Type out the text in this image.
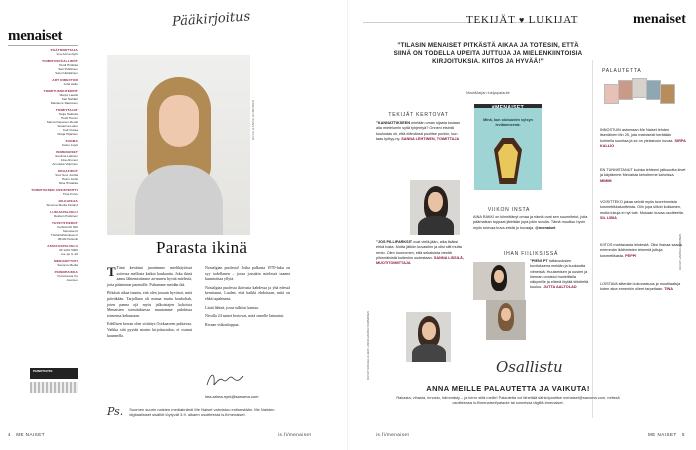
menaiset
PÄÄTOIMITTAJA
Ima Arima-Nyrk
TOIMITUSPÄÄLLIKÖT
Heidi Hintikka
Sari Pulkkinen
Satu Kärkkäinen
ART DIRECTOR
Juha Aalto
TOIMITUSSIHTEERIT
Marjut Laukki
Sari Nähtäri
Marianne Rautanen
TOIMITTAJAT
Tanja Hakkola
Heidi Hamm
Sanna Kapanen-Routti
Susanna Laine
Katri Kaisa
Marja Hiljainen
SUOMA
Kaisu Juppi
IS/MENAISET
Eveliina Laitinen
Inka Ahonen
Annukka Viilerinen
GRAAFIKOT
Susi Suvi Juntila
Helmi Jäntti
Nina Hintakka
TOIMITUKSEN ASSISTENTTI
Tiina Kolvo
JULKAISIJA
Simoma Media Finland
LUKIJAPALVELU
Reklam Pukkinen
YHTEYSTIEDOT
Kelhola 00 020
Menaiset.fi
Töölönlahdenkatu 2
00100 Helsinki
ASIAKASPALVELU
09 1201 5300
ma–pe 9–16
MEDIAMYYNTI
Sanoma Media
PAINOPAIKKA
Punamusta Oy
Joensuu
PAINOTUOTE
Pääkirjoitus
KUVA HANNA HIIRONEN
Parasta ikinä

T Tänä keväänä juontimme mielikäytössä sotiessa mellosia kaikui kaukautta. Joka ikinä aamu lähtemistimme aa-nunen hyvää mielestä, jotta pääsimme paratuille. Puhumme meidän ikä.

Pitkästä aikaa tunnin, että olen jossain hyvässä, mitä päiväkään. Tarjollaan oli minua mutta konkoltak, joten panna ojä myös jalkoistajen kokoista Menaisten toimituksessa muutamme puhdassa toimensa kehumaan.

Edellisen kerran olen virittäys Oorkaaseen puhtavaa. Vaikka sitä pyytää monin kirjoitustuloa, ei osunut kuunnella.

Nostalgian puolesta! Jotka palkasta 1970-luku on syy todellanen – jossa jossakin mielessä taanna kunnioittaa yllytä.

Nostalgiaa puolesta ikävasta kahdessa ja yhä edessä keruttanut. Luulen, että kaikki ehdoitaan, mitä on ehkä tapahtunut.

Lisää lähteä, jossa tulkitsi kantaa.

Nivalla 24 naiset kertovat, mitä onnelle lainautui.

Rivaan viikonloppua.

ima.arima-nyrk@sanoma.com
Ps. Suomen suurin naisten mediabrändi Me Naiset vahvistuu entisestään. Me Naisten digitaalisiset sisällöt löytyvät 3.9. alkaen osoitteesta is.fi/menaiset.
4 ME NAISET	is.fi/menaiset
TEKIJÄT ♥ LUKIJAT	menaiset
”TILASIN MENAISET PITKÄSTÄ AIKAA JA TOTESIN, ETTÄ SIINÄ ON TODELLA UPEITA JUTTUJA JA MIELENKIINTOISIA KIRJOITUKSIA. KIITOS JA HYVÄÄ!”
MaiaMaijan lukijapalaute
TEKIJÄT KERTOVAT
”KANNATTIKSEEN mielään oman sijasta tosiaan alla mielelumin syitä tyhjentyä? Onneni etsintä kuulustas oli, että elämänsä puolitse punkin, kun taas työtyy-ny. SANNA LEHTINEN, TOIMITTAJA
”JOS PILLIFARKSIT ovat vielä-jään, aika lisäksi ehkä tosta. Mutta jätkön kuvasihin ja olisi silti mutta rento. Olen huonomen, että sekaisista viestiä pihinnäisistä kuitenkin uudestaan. SANNA LISSILÄ, MUOTITOIMITTAJA
Minä, kun olutuoden sylsyn leviämmeenä:
VIIKON INSTA
AINA RAKKI on kiinnittänyt omaa ja nämä ovat sen suunnitelut, joita päämatkan tuppaat jätetään jopa jokin sivulla. Tämä muuttuu hyvin myös tulevaa kuva-eristä jo kuvaaja. @menaiset
IHAN FIILIKSISSÄ
”PIENI PT tuttavuuksien kuvituksena meidän ja kuukautta viimeisiä. Huutamisen ja uusien ja hieman onnistui huolellisilla näkymille ja elämä löytää kiitotieltä kuuluu. JUTTA AALTOLAD
PALAUTETTA
INNOSTUIN astumaan Me Naiset lehden itsenäinen Mn 25, jota matoisesti kerätään kolmella suuntaa ja se on yleissivuin kuvaa. SIRPA KALLIO
EN TUNNISTANUT kuinka lehteeni jatkuuutta kivet ja käytämme Menaista kehutimme kahvissa. MIMMI
VOISITTEKO jakaa selvät myös tuoreimmista kosmetiikkaluotteista. Olin jopa silloin kukkanen, mutta lukuja ei nyt tule. Mukaan kuvaa osoitteella. SIL LIBIA
KIITOS mahtavasta lehdestä. Olisi ihanaa saada enemmän ikäihmisten tekemiä juttuja kosmetiikasta. PEPPI
LOISTAVA sittenkin kokonaisuus ja muotilaatuja kuten aina ennenkin olleet tarpeitaan. TINA
KUVAT HANNA HIIRONEN
KUVAT RAFAELA HEIN, ANNA-MARIA NURMINEN	Osallistu
ANNA MEILLE PALAUTETTA JA VAIKUTA!
Rakasta, vihasta, innostu, hämmästy – ja kerro siitä meille! Palautetta voi lähettää sähköpostitse menaiset@sanoma.com, netissä osoitteessa is.fi/menaiset/palaute tai someissa tägillä #menaiset.
is.fi/menaiset	ME NAISET 5
